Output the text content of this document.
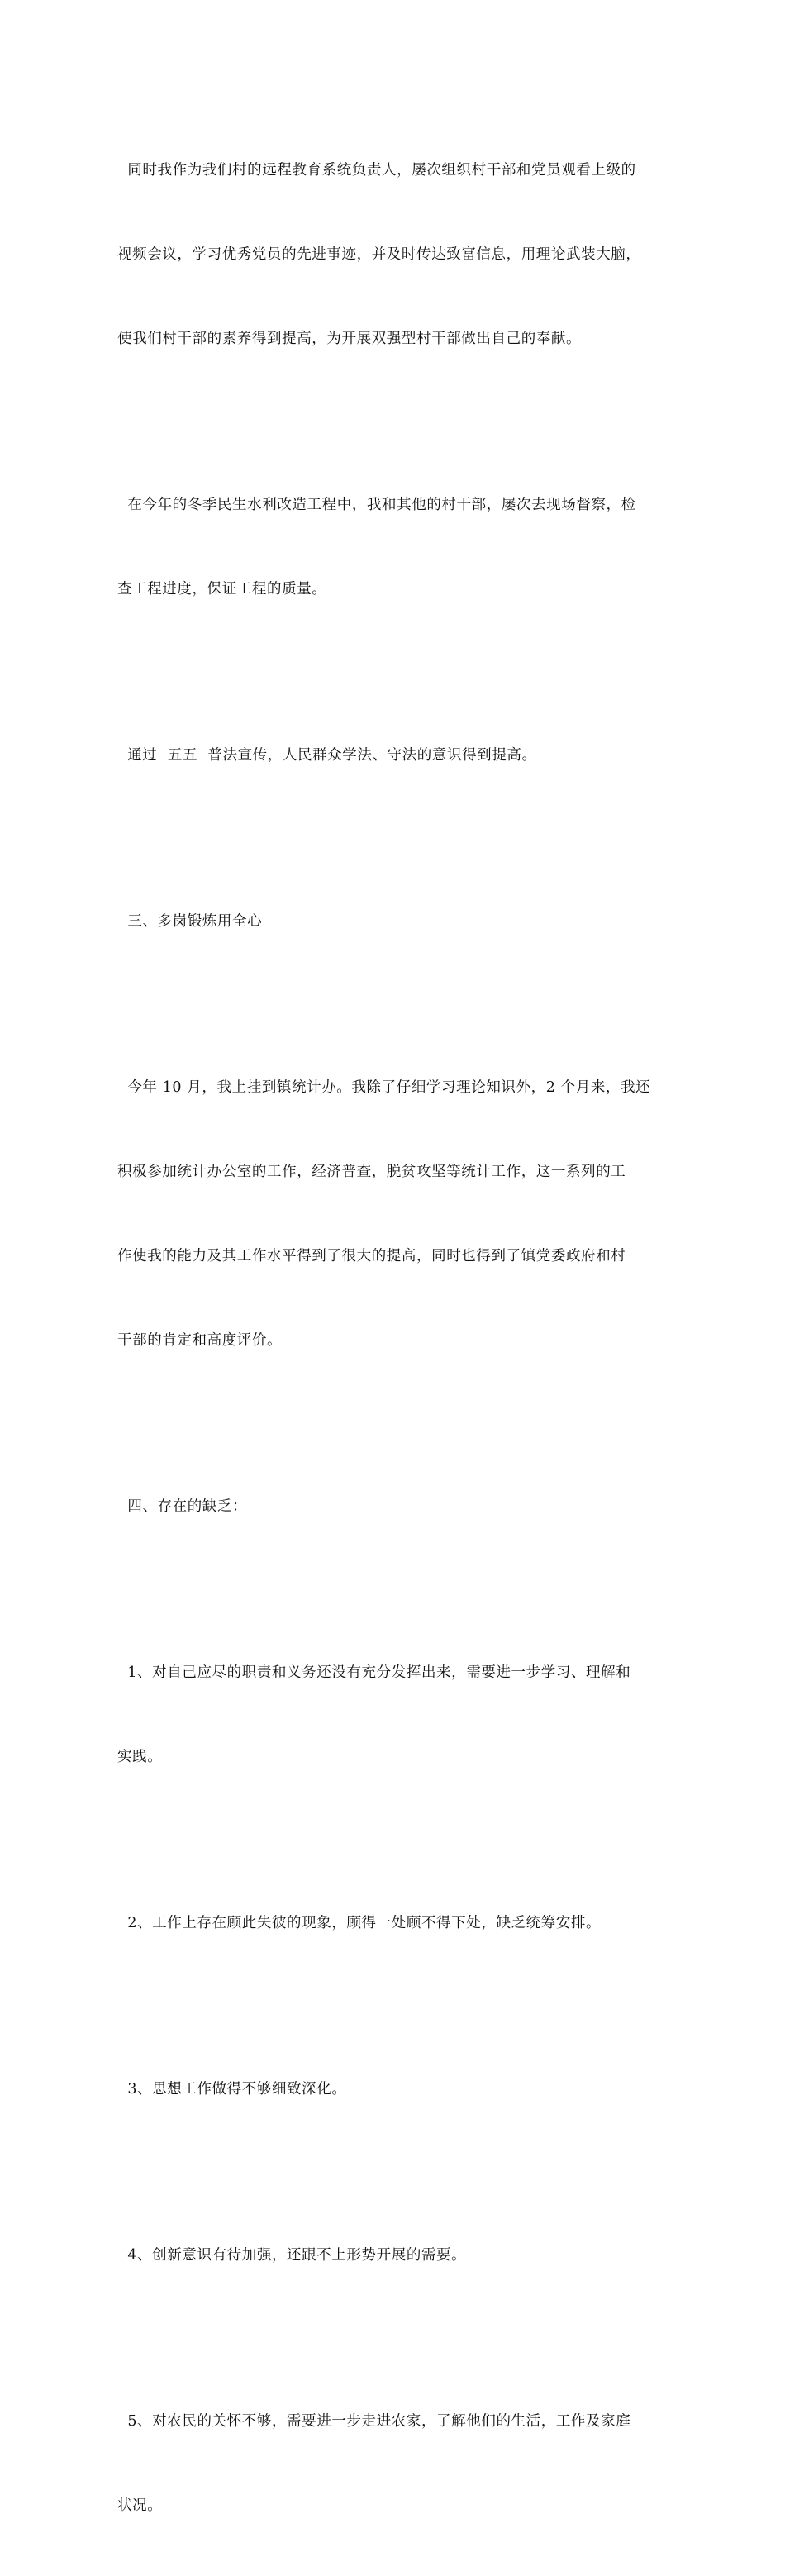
同时我作为我们村的远程教育系统负责人，屡次组织村干部和党员观看上级的

视频会议，学习优秀党员的先进事迹，并及时传达致富信息，用理论武装大脑，

使我们村干部的素养得到提高，为开展双强型村干部做出自己的奉献。

在今年的冬季民生水利改造工程中，我和其他的村干部，屡次去现场督察，检

查工程进度，保证工程的质量。

通过  五五  普法宣传，人民群众学法、守法的意识得到提高。

三、多岗锻炼用全心

今年 10 月，我上挂到镇统计办。我除了仔细学习理论知识外，2 个月来，我还

积极参加统计办公室的工作，经济普查，脱贫攻坚等统计工作，这一系列的工

作使我的能力及其工作水平得到了很大的提高，同时也得到了镇党委政府和村

干部的肯定和高度评价。

四、存在的缺乏：

1、对自己应尽的职责和义务还没有充分发挥出来，需要进一步学习、理解和

实践。

2、工作上存在顾此失彼的现象，顾得一处顾不得下处，缺乏统筹安排。

3、思想工作做得不够细致深化。

4、创新意识有待加强，还跟不上形势开展的需要。

5、对农民的关怀不够，需要进一步走进农家，了解他们的生活，工作及家庭

状况。
